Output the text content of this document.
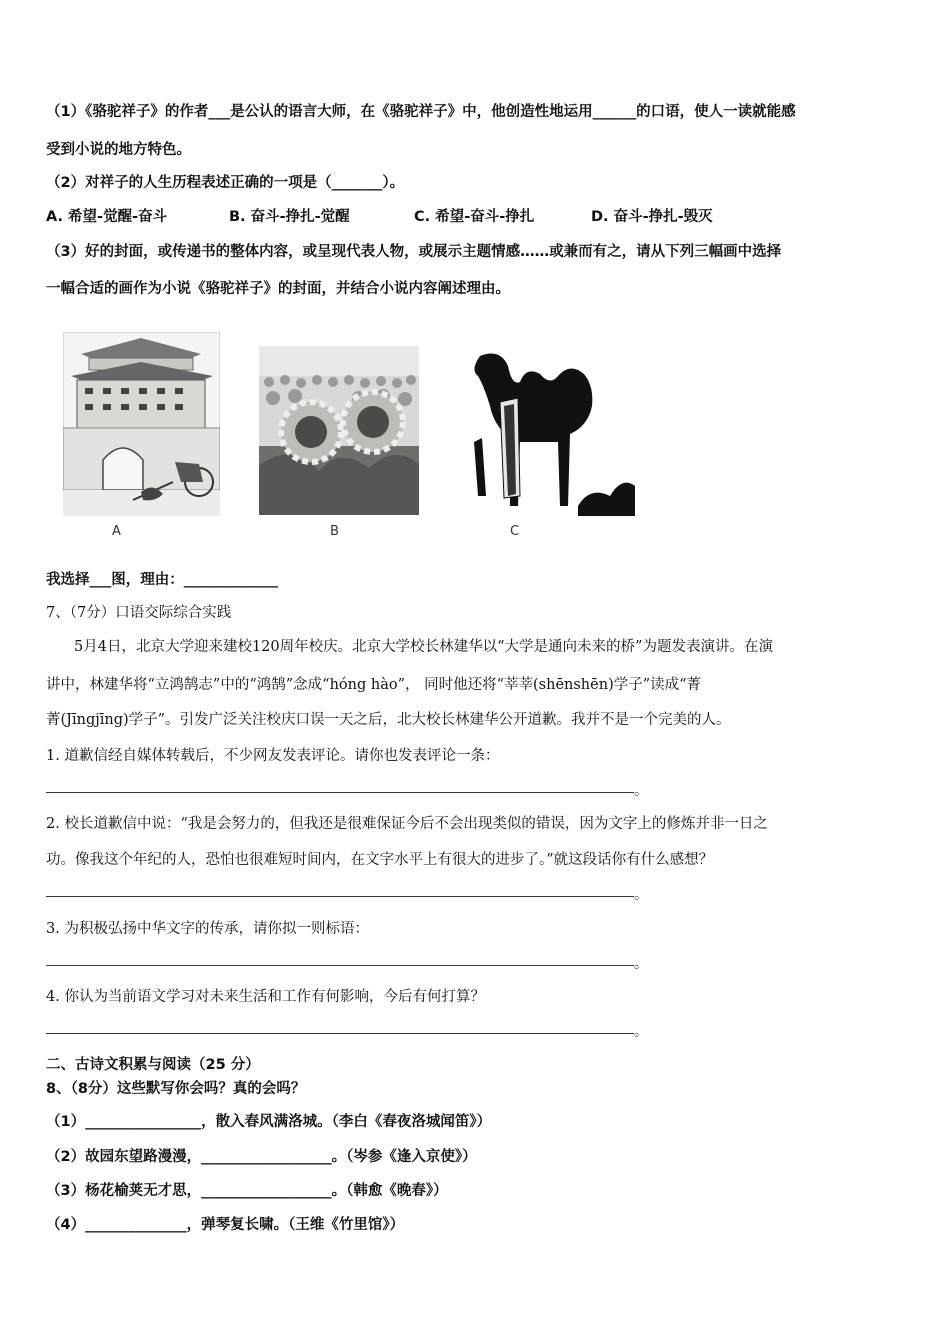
（1）《骆驼祥子》的作者___是公认的语言大师，在《骆驼祥子》中，他创造性地运用______的口语，使人一读就能感
受到小说的地方特色。
（2）对祥子的人生历程表述正确的一项是（_______）。
A. 希望-觉醒-奋斗	B. 奋斗-挣扎-觉醒	C. 希望-奋斗-挣扎	D. 奋斗-挣扎-毁灭
（3）好的封面，或传递书的整体内容，或呈现代表人物，或展示主题情感……或兼而有之，请从下列三幅画中选择
一幅合适的画作为小说《骆驼祥子》的封面，并结合小说内容阐述理由。
A	B	C
我选择___图，理由：_____________
7、（7分）口语交际综合实践
5月4日，北京大学迎来建校120周年校庆。北京大学校长林建华以“大学是通向未来的桥”为题发表演讲。在演
讲中，林建华将“立鸿鹄志”中的“鸿鹄”念成“hóng hào”， 同时他还将“莘莘(shēnshēn)学子”读成“菁
菁(Jīngjīng)学子”。引发广泛关注校庆口误一天之后，北大校长林建华公开道歉。我并不是一个完美的人。
1. 道歉信经自媒体转载后，不少网友发表评论。请你也发表评论一条：
。
2. 校长道歉信中说：“我是会努力的，但我还是很难保证今后不会出现类似的错误，因为文字上的修炼并非一日之
功。像我这个年纪的人，恐怕也很难短时间内，在文字水平上有很大的进步了。”就这段话你有什么感想？
。
3. 为积极弘扬中华文字的传承，请你拟一则标语：
。
4. 你认为当前语文学习对未来生活和工作有何影响，今后有何打算？
。
二、古诗文积累与阅读（25 分）
8、（8分）这些默写你会吗？真的会吗？
（1）________________，散入春风满洛城。（李白《春夜洛城闻笛》）
（2）故园东望路漫漫，__________________。（岑参《逢入京使》）
（3）杨花榆荚无才思，__________________。（韩愈《晚春》）
（4）______________，弹琴复长啸。（王维《竹里馆》）
